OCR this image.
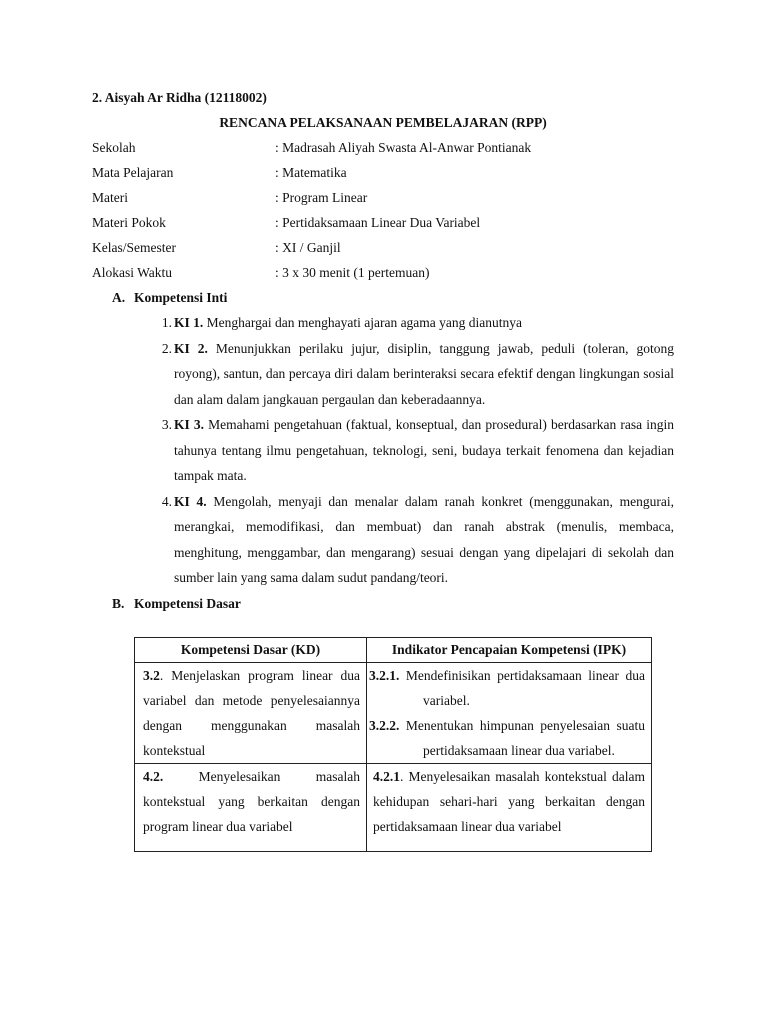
2. Aisyah Ar Ridha (12118002)
RENCANA PELAKSANAAN PEMBELAJARAN (RPP)
Sekolah	: Madrasah Aliyah Swasta Al-Anwar Pontianak
Mata Pelajaran	: Matematika
Materi	: Program Linear
Materi Pokok	: Pertidaksamaan Linear Dua Variabel
Kelas/Semester	: XI / Ganjil
Alokasi Waktu	: 3 x 30 menit (1 pertemuan)
A. Kompetensi Inti
1. KI 1. Menghargai dan menghayati ajaran agama yang dianutnya
2. KI 2. Menunjukkan perilaku jujur, disiplin, tanggung jawab, peduli (toleran, gotong royong), santun, dan percaya diri dalam berinteraksi secara efektif dengan lingkungan sosial dan alam dalam jangkauan pergaulan dan keberadaannya.
3. KI 3. Memahami pengetahuan (faktual, konseptual, dan prosedural) berdasarkan rasa ingin tahunya tentang ilmu pengetahuan, teknologi, seni, budaya terkait fenomena dan kejadian tampak mata.
4. KI 4. Mengolah, menyaji dan menalar dalam ranah konkret (menggunakan, mengurai, merangkai, memodifikasi, dan membuat) dan ranah abstrak (menulis, membaca, menghitung, menggambar, dan mengarang) sesuai dengan yang dipelajari di sekolah dan sumber lain yang sama dalam sudut pandang/teori.
B. Kompetensi Dasar
Kompetensi Dasar (KD)	Indikator Pencapaian Kompetensi (IPK)

3.2. Menjelaskan program linear dua variabel dan metode penyelesaiannya dengan menggunakan masalah kontekstual	3.2.1. Mendefinisikan pertidaksamaan linear dua variabel.
3.2.2. Menentukan himpunan penyelesaian suatu pertidaksamaan linear dua variabel.

4.2. Menyelesaikan masalah kontekstual yang berkaitan dengan program linear dua variabel	4.2.1. Menyelesaikan masalah kontekstual dalam kehidupan sehari-hari yang berkaitan dengan pertidaksamaan linear dua variabel
